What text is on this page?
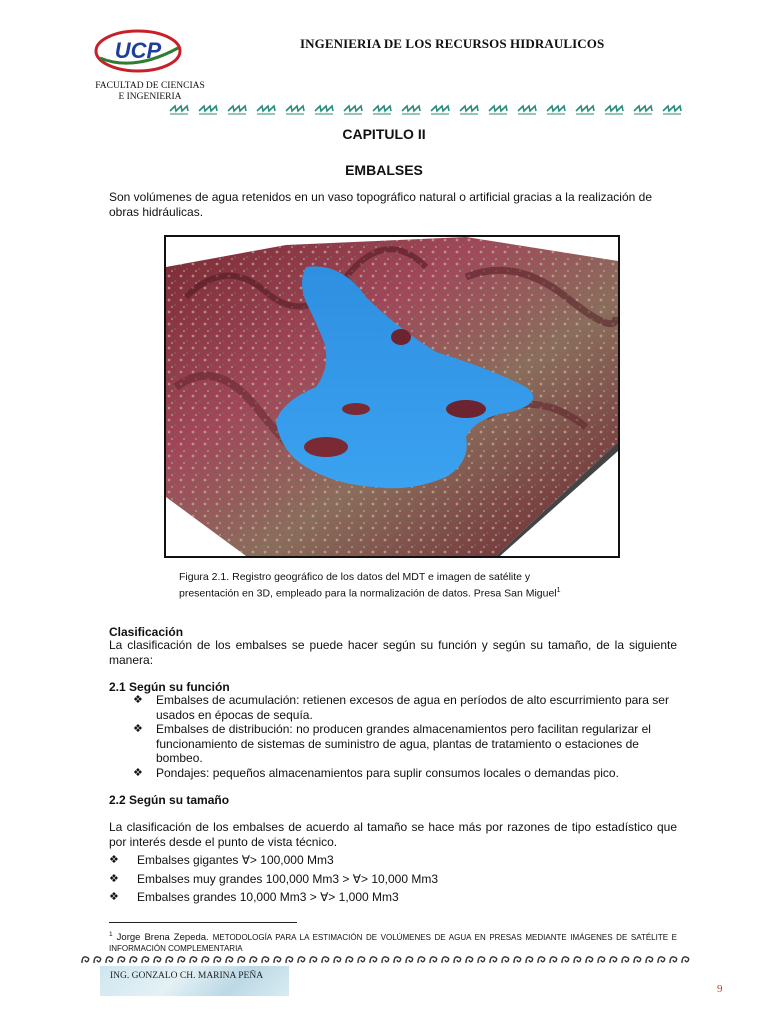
UCP	INGENIERIA DE LOS RECURSOS HIDRAULICOS
FACULTAD DE CIENCIAS
E INGENIERIA
CAPITULO II
EMBALSES
Son volúmenes de agua retenidos en un vaso topográfico natural o artificial gracias a la realización de obras hidráulicas.
Figura 2.1. Registro geográfico de los datos del MDT e imagen de satélite y
presentación en 3D, empleado para la normalización de datos. Presa San Miguel$^1$
Clasificación
La clasificación de los embalses se puede hacer según su función y según su tamaño, de la siguiente manera:
2.1 Según su función
❖ Embalses de acumulación: retienen excesos de agua en períodos de alto escurrimiento para ser usados en épocas de sequía.
❖ Embalses de distribución: no producen grandes almacenamientos pero facilitan regularizar el funcionamiento de sistemas de suministro de agua, plantas de tratamiento o estaciones de bombeo.
❖ Pondajes: pequeños almacenamientos para suplir consumos locales o demandas pico.
2.2 Según su tamaño
La clasificación de los embalses de acuerdo al tamaño se hace más por razones de tipo estadístico que por interés desde el punto de vista técnico.
❖ Embalses gigantes ∀> 100,000 Mm3
❖ Embalses muy grandes 100,000 Mm3 > ∀> 10,000 Mm3
❖ Embalses grandes 10,000 Mm3 > ∀> 1,000 Mm3
$^1$ Jorge Brena Zepeda. METODOLOGÍA PARA LA ESTIMACIÓN DE VOLÚMENES DE AGUA EN PRESAS MEDIANTE IMÁGENES DE SATÉLITE E INFORMACIÓN COMPLEMENTARIA
ING. GONZALO CH. MARINA PEÑA
9
